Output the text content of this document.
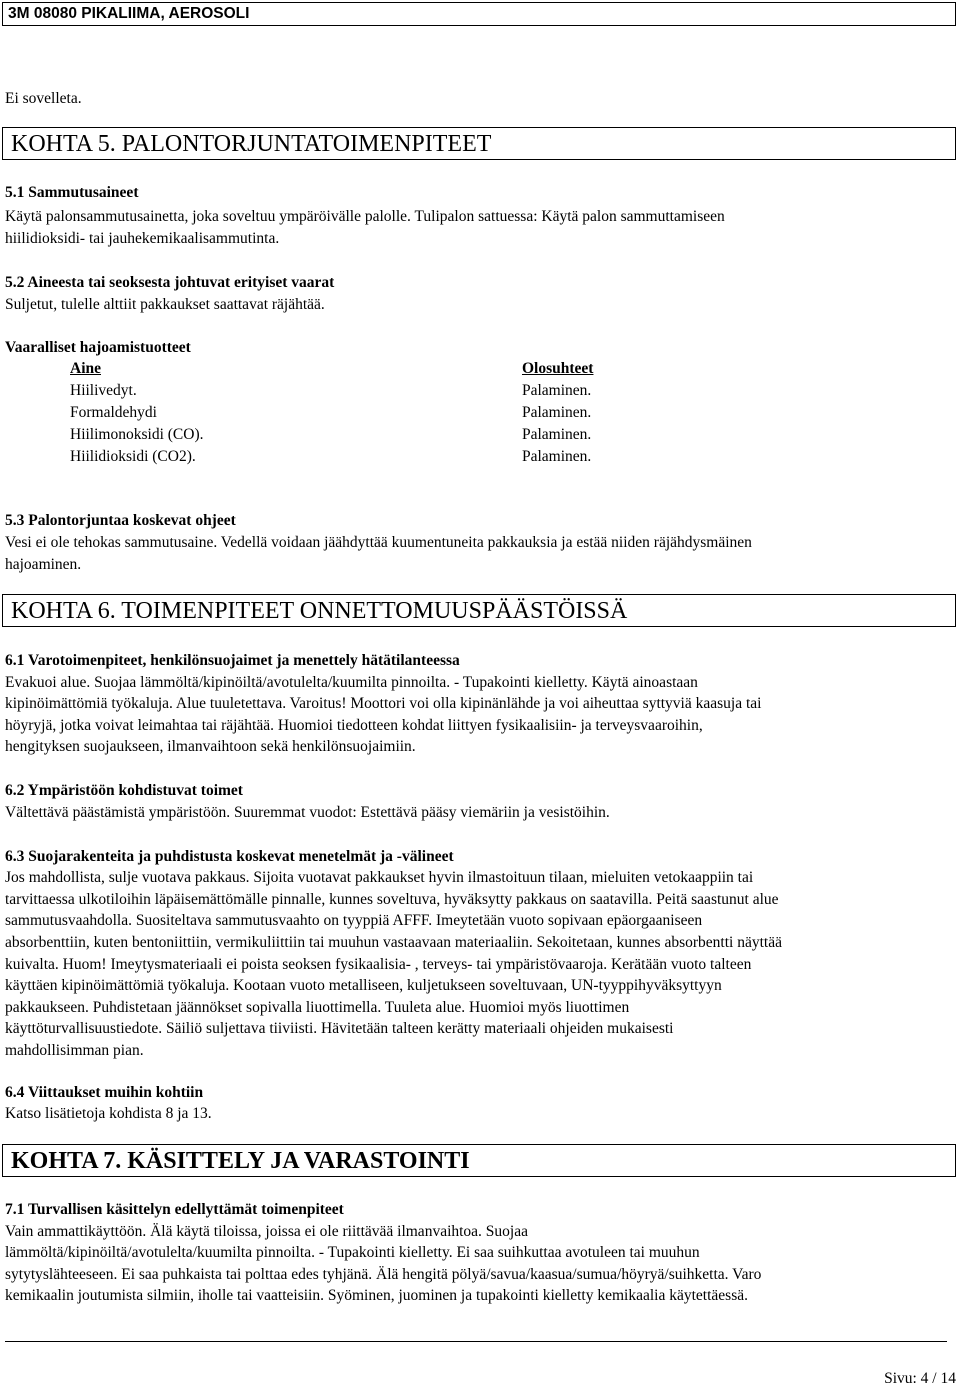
3M 08080 PIKALIIMA, AEROSOLI
Ei sovelleta.
KOHTA 5. PALONTORJUNTATOIMENPITEET
5.1 Sammutusaineet
Käytä palonsammutusainetta, joka soveltuu ympäröivälle palolle. Tulipalon sattuessa: Käytä palon sammuttamiseen
hiilidioksidi- tai jauhekemikaalisammutinta.
5.2 Aineesta tai seoksesta johtuvat erityiset vaarat
Suljetut, tulelle alttiit pakkaukset saattavat räjähtää.
Vaaralliset hajoamistuotteet
Aine	Olosuhteet
Hiilivedyt.	Palaminen.
Formaldehydi	Palaminen.
Hiilimonoksidi (CO).	Palaminen.
Hiilidioksidi (CO2).	Palaminen.
5.3 Palontorjuntaa koskevat ohjeet
Vesi ei ole tehokas sammutusaine. Vedellä voidaan jäähdyttää kuumentuneita pakkauksia ja estää niiden räjähdysmäinen
hajoaminen.
KOHTA 6. TOIMENPITEET ONNETTOMUUSPÄÄSTÖISSÄ
6.1 Varotoimenpiteet, henkilönsuojaimet ja menettely hätätilanteessa
Evakuoi alue. Suojaa lämmöltä/kipinöiltä/avotulelta/kuumilta pinnoilta. - Tupakointi kielletty. Käytä ainoastaan
kipinöimättömiä työkaluja. Alue tuuletettava. Varoitus! Moottori voi olla kipinänlähde ja voi aiheuttaa syttyviä kaasuja tai
höyryjä, jotka voivat leimahtaa tai räjähtää. Huomioi tiedotteen kohdat liittyen fysikaalisiin- ja terveysvaaroihin,
hengityksen suojaukseen, ilmanvaihtoon sekä henkilönsuojaimiin.
6.2 Ympäristöön kohdistuvat toimet
Vältettävä päästämistä ympäristöön. Suuremmat vuodot: Estettävä pääsy viemäriin ja vesistöihin.
6.3 Suojarakenteita ja puhdistusta koskevat menetelmät ja -välineet
Jos mahdollista, sulje vuotava pakkaus. Sijoita vuotavat pakkaukset hyvin ilmastoituun tilaan, mieluiten vetokaappiin tai
tarvittaessa ulkotiloihin läpäisemättömälle pinnalle, kunnes soveltuva, hyväksytty pakkaus on saatavilla. Peitä saastunut alue
sammutusvaahdolla. Suositeltava sammutusvaahto on tyyppiä AFFF. Imeytetään vuoto sopivaan epäorgaaniseen
absorbenttiin, kuten bentoniittiin, vermikuliittiin tai muuhun vastaavaan materiaaliin. Sekoitetaan, kunnes absorbentti näyttää
kuivalta. Huom! Imeytysmateriaali ei poista seoksen fysikaalisia- , terveys- tai ympäristövaaroja. Kerätään vuoto talteen
käyttäen kipinöimättömiä työkaluja. Kootaan vuoto metalliseen, kuljetukseen soveltuvaan, UN-tyyppihyväksyttyyn
pakkaukseen. Puhdistetaan jäännökset sopivalla liuottimella. Tuuleta alue. Huomioi myös liuottimen
käyttöturvallisuustiedote. Säiliö suljettava tiiviisti. Hävitetään talteen kerätty materiaali ohjeiden mukaisesti
mahdollisimman pian.
6.4 Viittaukset muihin kohtiin
Katso lisätietoja kohdista 8 ja 13.
KOHTA 7. KÄSITTELY JA VARASTOINTI
7.1 Turvallisen käsittelyn edellyttämät toimenpiteet
Vain ammattikäyttöön. Älä käytä tiloissa, joissa ei ole riittävää ilmanvaihtoa. Suojaa
lämmöltä/kipinöiltä/avotulelta/kuumilta pinnoilta. - Tupakointi kielletty. Ei saa suihkuttaa avotuleen tai muuhun
sytytyslähteeseen. Ei saa puhkaista tai polttaa edes tyhjänä. Älä hengitä pölyä/savua/kaasua/sumua/höyryä/suihketta. Varo
kemikaalin joutumista silmiin, iholle tai vaatteisiin. Syöminen, juominen ja tupakointi kielletty kemikaalia käytettäessä.
Sivu: 4 / 14
